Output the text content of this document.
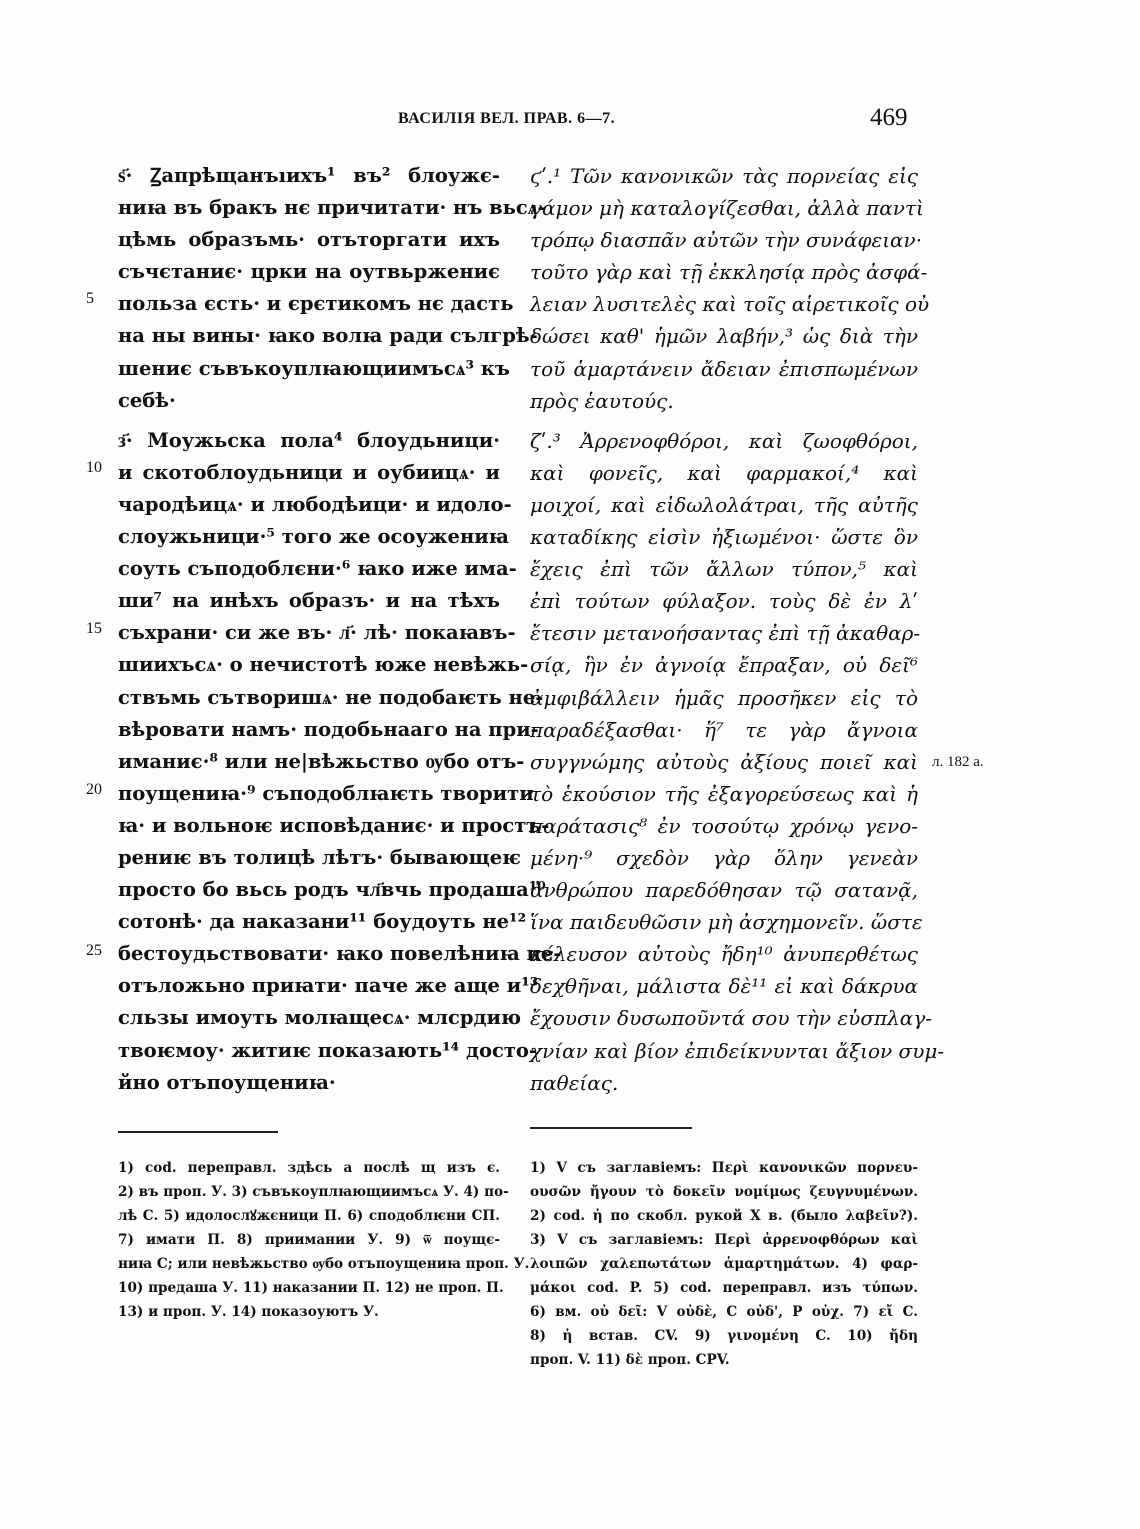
ВАСИЛІЯ ВЕЛ. ПРАВ. 6—7.	469
ѕ҃· Ꙁапрѣщанъıихъ¹ въ² блоужє-
ниꙗ въ бракъ нє причитати· нъ вьсѧ-
цѣмь образъмь· отъторгати ихъ
съчєтаниє· црки на оутвьржениє
польза єсть· и єрєтикомъ нє дасть
на ны вины· ꙗко волꙗ ради сългрѣ-
шениє съвъкоуплꙗющиимъсѧ³ къ
себѣ·
з҃· Моужьска пола⁴ блоудьници·
и скотоблоудьници и оубиицѧ· и
чародѣицѧ· и любодѣици· и идоло-
слоужьници·⁵ того же осоужениꙗ
соуть съподоблєни·⁶ ꙗко иже има-
ши⁷ на инѣхъ образъ· и на тѣхъ
съхрани· си же въ· л҃· лѣ· покаꙗвъ-
шиихъсѧ· о нечистотѣ юже невѣжь-
ствъмь сътворишѧ· не подобаѥть не-
вѣровати намъ· подобьнааго на при-
иманиє·⁸ или не|вѣжьство ѹбо отъ-
поущениꙗ·⁹ съподоблꙗѥть творити
ꙗ· и вольноѥ исповѣданиє· и простъ-
рениѥ въ толицѣ лѣтъ· бывающеѥ
просто бо вьсь родъ чл҃вчь продаша¹⁰
сотонѣ· да наказани¹¹ боудоуть не¹²
бестоудьствовати· ꙗко повелѣниꙗ не-
отъложьно приꙗти· паче же аще и¹³
сльзы имоуть молꙗщесѧ· млсрдию
твоѥмоу· житиѥ показають¹⁴ досто-
йно отъпоущениꙗ·
5
10
15
20
25
ϛʹ.¹ Τῶν κανονικῶν τὰς πορνείας εἰς
γάμον μὴ καταλογίζεσθαι, ἀλλὰ παντὶ
τρόπῳ διασπᾶν αὐτῶν τὴν συνάφειαν·
τοῦτο γὰρ καὶ τῇ ἐκκλησίᾳ πρὸς ἀσφά-
λειαν λυσιτελὲς καὶ τοῖς αἱρετικοῖς οὐ
δώσει καθ' ἡμῶν λαβήν,³ ὡς διὰ τὴν
τοῦ ἁμαρτάνειν ἄδειαν ἐπισπωμένων
πρὸς ἑαυτούς.
ζʹ.³ Ἀρρενοφθόροι, καὶ ζωοφθόροι,
καὶ φονεῖς, καὶ φαρμακοί,⁴ καὶ
μοιχοί, καὶ εἰδωλολάτραι, τῆς αὐτῆς
καταδίκης εἰσὶν ἠξιωμένοι· ὥστε ὃν
ἔχεις ἐπὶ τῶν ἄλλων τύπον,⁵ καὶ
ἐπὶ τούτων φύλαξον. τοὺς δὲ ἐν λʹ
ἔτεσιν μετανοήσαντας ἐπὶ τῇ ἀκαθαρ-
σίᾳ, ἣν ἐν ἀγνοίᾳ ἔπραξαν, οὐ δεῖ⁶
ἀμφιβάλλειν ἡμᾶς προσῆκεν εἰς τὸ
παραδέξασθαι· ἥ⁷ τε γὰρ ἄγνοια
συγγνώμης αὐτοὺς ἀξίους ποιεῖ καὶ
τὸ ἑκούσιον τῆς ἐξαγορεύσεως καὶ ἡ
παράτασις⁸ ἐν τοσούτῳ χρόνῳ γενο-
μένη·⁹ σχεδὸν γὰρ ὅλην γενεὰν
ἀνθρώπου παρεδόθησαν τῷ σατανᾷ,
ἵνα παιδευθῶσιν μὴ ἀσχημονεῖν. ὥστε
κέλευσον αὐτοὺς ἤδη¹⁰ ἀνυπερθέτως
δεχθῆναι, μάλιστα δὲ¹¹ εἰ καὶ δάκρυα
ἔχουσιν δυσωποῦντά σου τὴν εὐσπλαγ-
χνίαν καὶ βίον ἐπιδείκνυνται ἄξιον συμ-
παθείας.
л. 182 а.
1) cod. перепpавл. здѣсь а послѣ щ изъ є.
2) въ проп. У. 3) съвъкоуплꙗющиимъсѧ У. 4) по-
лѣ С. 5) идолослꙋжєници П. 6) сподоблѥни СП.
7) имати П. 8) приимании У. 9) ѿ поущє-
ниꙗ С; или невѣжьство ѹбо отъпоущениꙗ проп. У.
10) предаша У. 11) наказании П. 12) не проп. П.
13) и проп. У. 14) показоуютъ У.
1) V съ заглавіемъ: Περὶ κανονικῶν πορνευ-
ουσῶν ἤγουν τὸ δοκεῖν νομίμως ζευγνυμένων.
2) cod. ἡ по скобл. рукой X в. (было λαβεῖν?).
3) V съ заглавіемъ: Περὶ ἀρρενοφθόρων καὶ
λοιπῶν χαλεπωτάτων ἁμαρτημάτων. 4) φαρ-
μάκοι cod. P. 5) cod. перепpавл. изъ τύπων.
6) вм. οὐ δεῖ: V οὐδὲ, C οὐδ', P οὐχ. 7) εἴ C.
8) ἡ встав. CV. 9) γινομένη C. 10) ἤδη
проп. V. 11) δὲ проп. CPV.
